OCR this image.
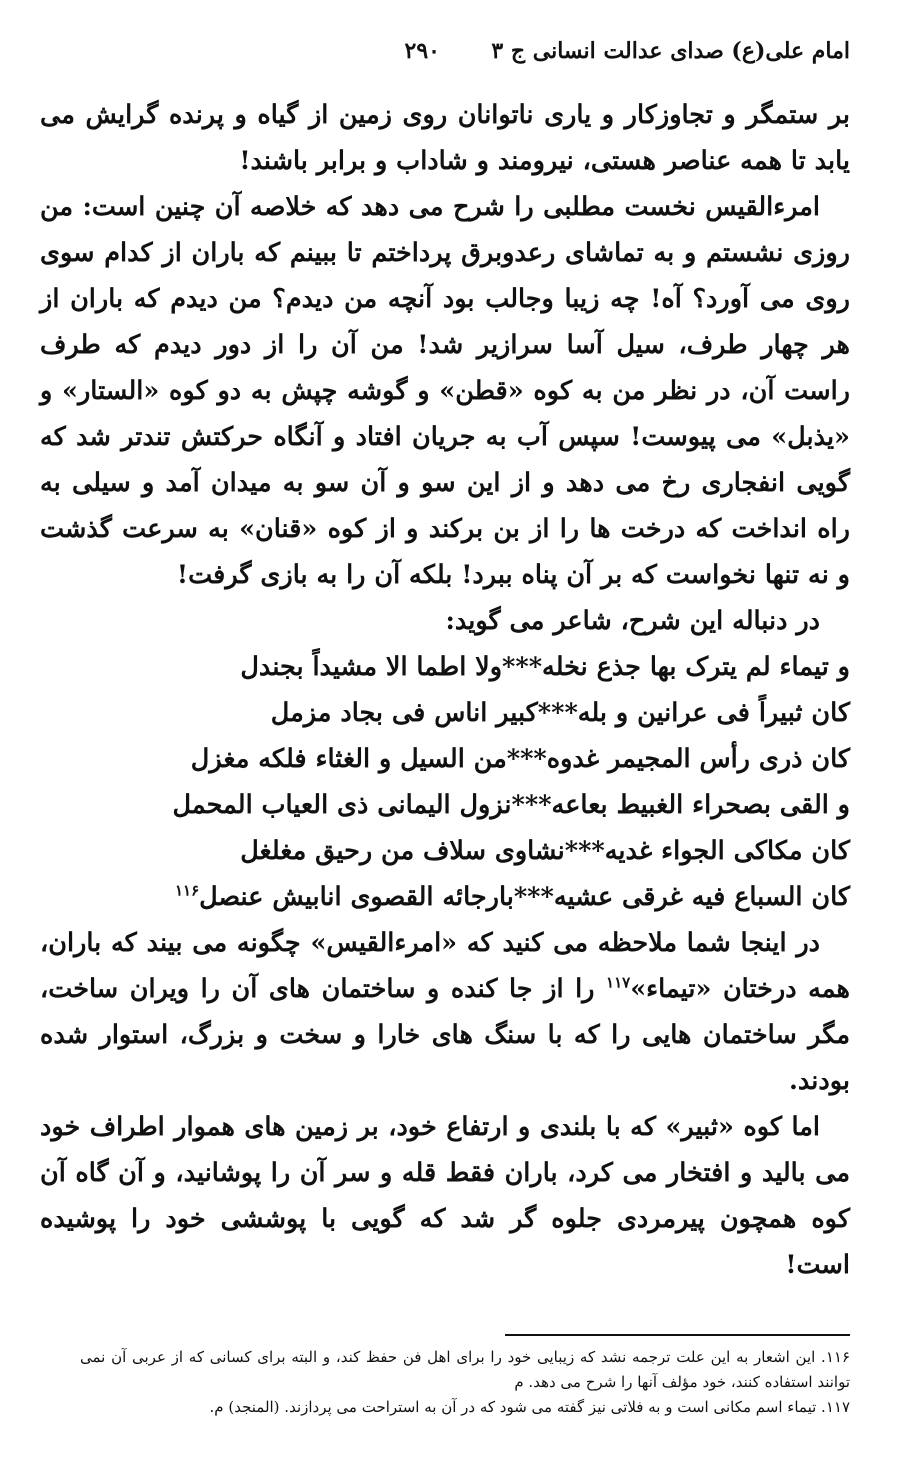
امام علی(ع) صدای عدالت انسانی ج ۳
۲۹۰

بر ستمگر و تجاوزکار و یاری ناتوانان روی زمین از گیاه و پرنده گرایش می یابد تا همه عناصر هستی، نیرومند و شاداب و برابر باشند!

امرءالقیس نخست مطلبی را شرح می دهد که خلاصه آن چنین است: من روزی نشستم و به تماشای رعدوبرق پرداختم تا ببینم که باران از کدام سوی روی می آورد؟ آه! چه زیبا وجالب بود آنچه من دیدم؟ من دیدم که باران از هر چهار طرف، سیل آسا سرازیر شد! من آن را از دور دیدم که طرف راست آن، در نظر من به کوه «قطن» و گوشه چپش به دو کوه «الستار» و «یذبل» می پیوست! سپس آب به جریان افتاد و آنگاه حرکتش تندتر شد که گویی انفجاری رخ می دهد و از این سو و آن سو به میدان آمد و سیلی به راه انداخت که درخت ها را از بن برکند و از کوه «قنان» به سرعت گذشت و نه تنها نخواست که بر آن پناه ببرد! بلکه آن را به بازی گرفت!

در دنباله این شرح، شاعر می گوید:

و تیماء لم یترک بها جذع نخله***ولا اطما الا مشیداً بجندل
کان ثبیراً فی عرانین و بله***کبیر اناس فی بجاد مزمل
کان ذری رأس المجیمر غدوه***من السیل و الغثاء فلکه مغزل
و القی بصحراء الغبیط بعاعه***نزول الیمانی ذی العیاب المحمل
کان مکاکی الجواء غدیه***نشاوی سلاف من رحیق مغلغل
کان السباع فیه غرقی عشیه***بارجائه القصوی انابیش عنصل$^{۱۱۶}$

در اینجا شما ملاحظه می کنید که «امرءالقیس» چگونه می بیند که باران، همه درختان «تیماء»$^{۱۱۷}$ را از جا کنده و ساختمان های آن را ویران ساخت، مگر ساختمان هایی را که با سنگ های خارا و سخت و بزرگ، استوار شده بودند.

اما کوه «ثبیر» که با بلندی و ارتفاع خود، بر زمین های هموار اطراف خود می بالید و افتخار می کرد، باران فقط قله و سر آن را پوشانید، و آن گاه آن کوه همچون پیرمردی جلوه گر شد که گویی با پوششی خود را پوشیده است!

۱۱۶. این اشعار به این علت ترجمه نشد که زیبایی خود را برای اهل فن حفظ کند، و البته برای کسانی که از عربی آن نمی توانند استفاده کنند، خود مؤلف آنها را شرح می دهد. م

۱۱۷. تیماء اسم مکانی است و به فلاتی نیز گفته می شود که در آن به استراحت می پردازند. (المنجد) م.
